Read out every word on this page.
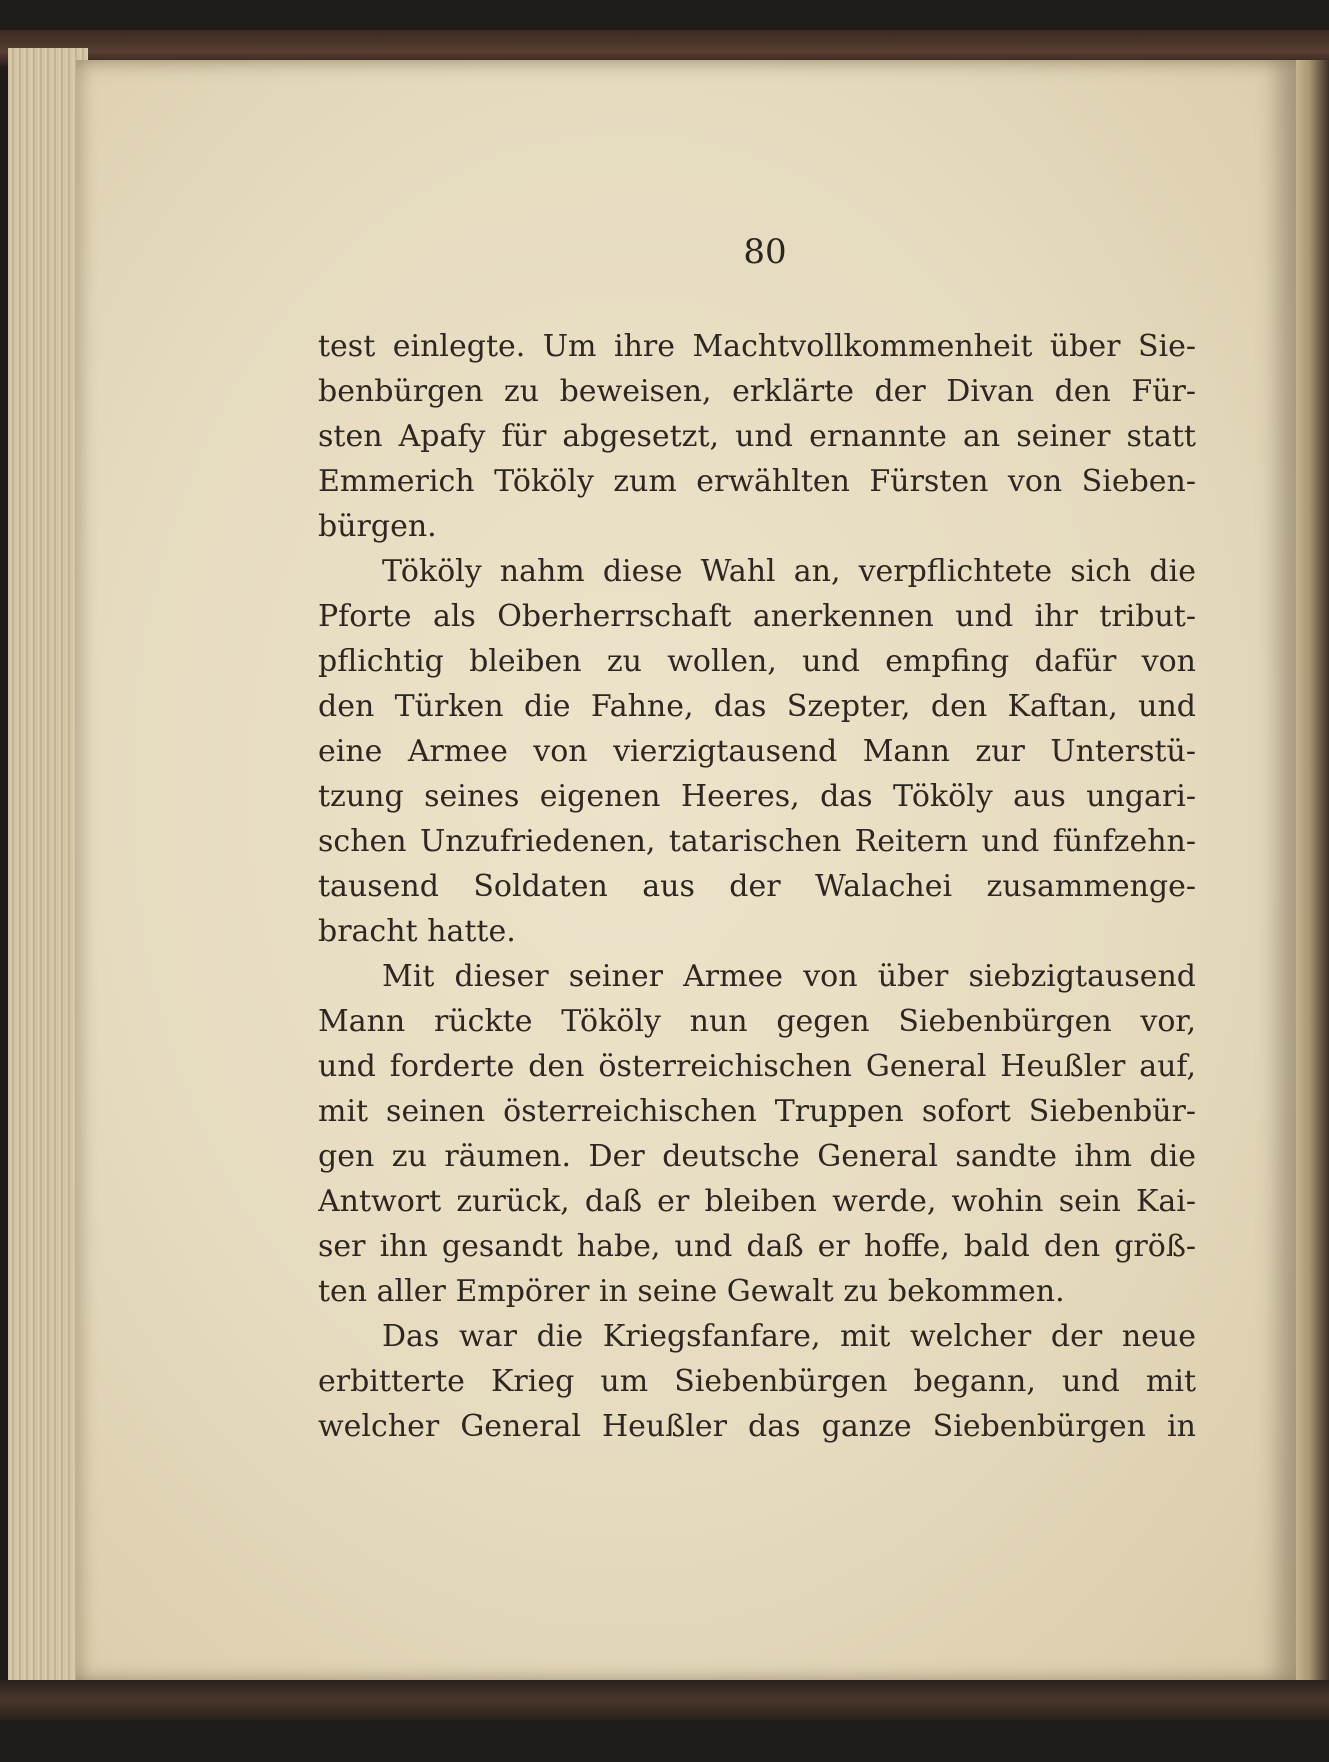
80
test einlegte. Um ihre Machtvollkommenheit über Sie-
benbürgen zu beweisen, erklärte der Divan den Für-
sten Apafy für abgesetzt, und ernannte an seiner statt
Emmerich Tököly zum erwählten Fürsten von Sieben-
bürgen.
Tököly nahm diese Wahl an, verpflichtete sich die
Pforte als Oberherrschaft anerkennen und ihr tribut-
pflichtig bleiben zu wollen, und empfing dafür von
den Türken die Fahne, das Szepter, den Kaftan, und
eine Armee von vierzigtausend Mann zur Unterstü-
tzung seines eigenen Heeres, das Tököly aus ungari-
schen Unzufriedenen, tatarischen Reitern und fünfzehn-
tausend Soldaten aus der Walachei zusammenge-
bracht hatte.
Mit dieser seiner Armee von über siebzigtausend
Mann rückte Tököly nun gegen Siebenbürgen vor,
und forderte den österreichischen General Heußler auf,
mit seinen österreichischen Truppen sofort Siebenbür-
gen zu räumen. Der deutsche General sandte ihm die
Antwort zurück, daß er bleiben werde, wohin sein Kai-
ser ihn gesandt habe, und daß er hoffe, bald den größ-
ten aller Empörer in seine Gewalt zu bekommen.
Das war die Kriegsfanfare, mit welcher der neue
erbitterte Krieg um Siebenbürgen begann, und mit
welcher General Heußler das ganze Siebenbürgen in
